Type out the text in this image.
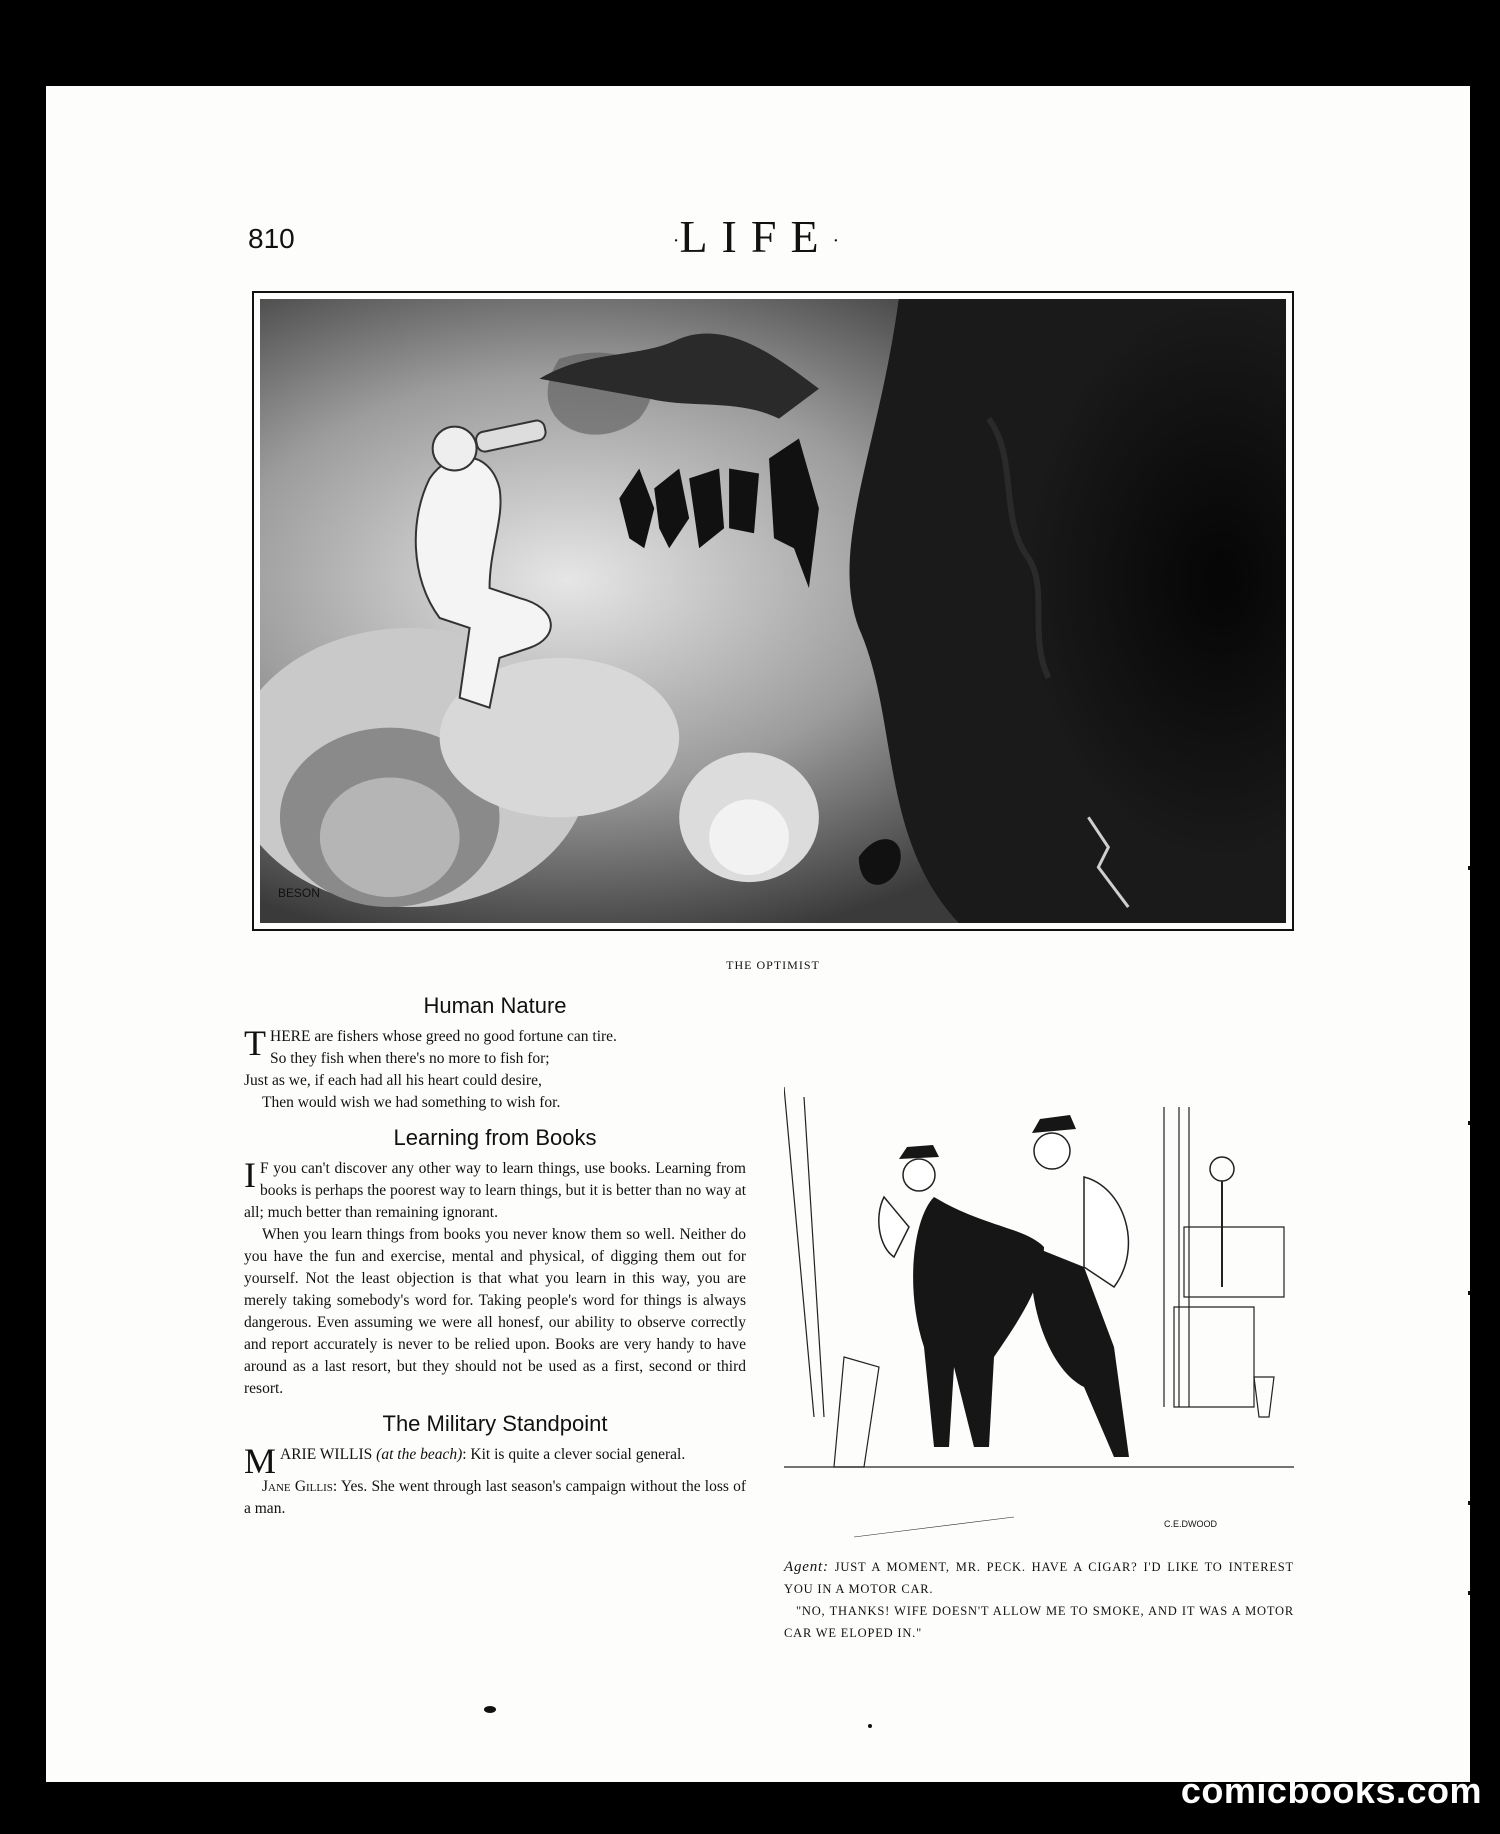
810	·LIFE·
BESON
THE OPTIMIST
Human Nature

THERE are fishers whose greed no good fortune can tire.

So they fish when there's no more to fish for;

Just as we, if each had all his heart could desire,

Then would wish we had something to wish for.

Learning from Books

I F you can't discover any other way to learn things, use books. Learning from books is perhaps the poorest way to learn things, but it is better than no way at all; much better than remaining ignorant.

When you learn things from books you never know them so well. Neither do you have the fun and exercise, mental and physical, of digging them out for yourself. Not the least objection is that what you learn in this way, you are merely taking somebody's word for. Taking people's word for things is always dangerous. Even assuming we were all honesf, our ability to observe correctly and report accurately is never to be relied upon. Books are very handy to have around as a last resort, but they should not be used as a first, second or third resort.

The Military Standpoint

MARIE WILLIS (at the beach): Kit is quite a clever social general.

Jane Gillis: Yes. She went through last season's campaign without the loss of a man.

C.E.DWOOD

Agent: JUST A MOMENT, MR. PECK. HAVE A CIGAR? I'D LIKE TO INTEREST YOU IN A MOTOR CAR.

"NO, THANKS! WIFE DOESN'T ALLOW ME TO SMOKE, AND IT WAS A MOTOR CAR WE ELOPED IN."

comicbooks.com
